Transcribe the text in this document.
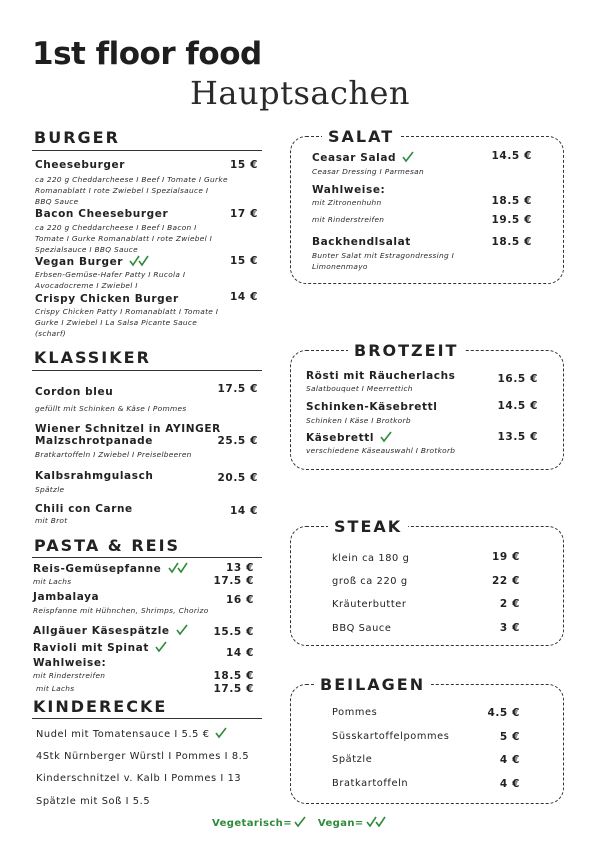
1st floor food
Hauptsachen
BURGER
Cheeseburger	15 €
ca 220 g Cheddarcheese I Beef I Tomate I Gurke
Romanablatt I rote Zwiebel I Spezialsauce I
BBQ Sauce
Bacon Cheeseburger	17 €
ca 220 g Cheddarcheese I Beef I Bacon I
Tomate I Gurke Romanablatt I rote Zwiebel I
Spezialsauce I BBQ Sauce
Vegan Burger	15 €
Erbsen-Gemüse-Hafer Patty I Rucola I
Avocadocreme I Zwiebel I
Crispy Chicken Burger	14 €
Crispy Chicken Patty I Romanablatt I Tomate I
Gurke I Zwiebel I La Salsa Picante Sauce
(scharf)
KLASSIKER
Cordon bleu	17.5 €
gefüllt mit Schinken & Käse I Pommes
Wiener Schnitzel in AYINGER
Malzschrotpanade	25.5 €
Bratkartoffeln I Zwiebel I Preiselbeeren
Kalbsrahmgulasch	20.5 €
Spätzle
Chili con Carne	14 €
mit Brot
PASTA & REIS
Reis-Gemüsepfanne	13 €
mit Lachs	17.5 €
Jambalaya	16 €
Reispfanne mit Hühnchen, Shrimps, Chorizo
Allgäuer Käsespätzle	15.5 €
Ravioli mit Spinat	14 €
Wahlweise:
mit Rinderstreifen	18.5 €
mit Lachs	17.5 €
KINDERECKE
Nudel mit Tomatensauce I 5.5 €
4Stk Nürnberger Würstl I Pommes I 8.5
Kinderschnitzel v. Kalb I Pommes I 13
Spätzle mit Soß I 5.5
SALAT
Ceasar Salad	14.5 €
Ceasar Dressing I Parmesan
Wahlweise:
mit Zitronenhuhn	18.5 €
mit Rinderstreifen	19.5 €
Backhendlsalat	18.5 €
Bunter Salat mit Estragondressing I
Limonenmayo
BROTZEIT
Rösti mit Räucherlachs	16.5 €
Salatbouquet I Meerrettich
Schinken-Käsebrettl	14.5 €
Schinken I Käse I Brotkorb
Käsebrettl	13.5 €
verschiedene Käseauswahl I Brotkorb
STEAK
klein ca 180 g	19 €
groß ca 220 g	22 €
Kräuterbutter	2 €
BBQ Sauce	3 €
BEILAGEN
Pommes	4.5 €
Süsskartoffelpommes	5 €
Spätzle	4 €
Bratkartoffeln	4 €
Vegetarisch=	Vegan=
